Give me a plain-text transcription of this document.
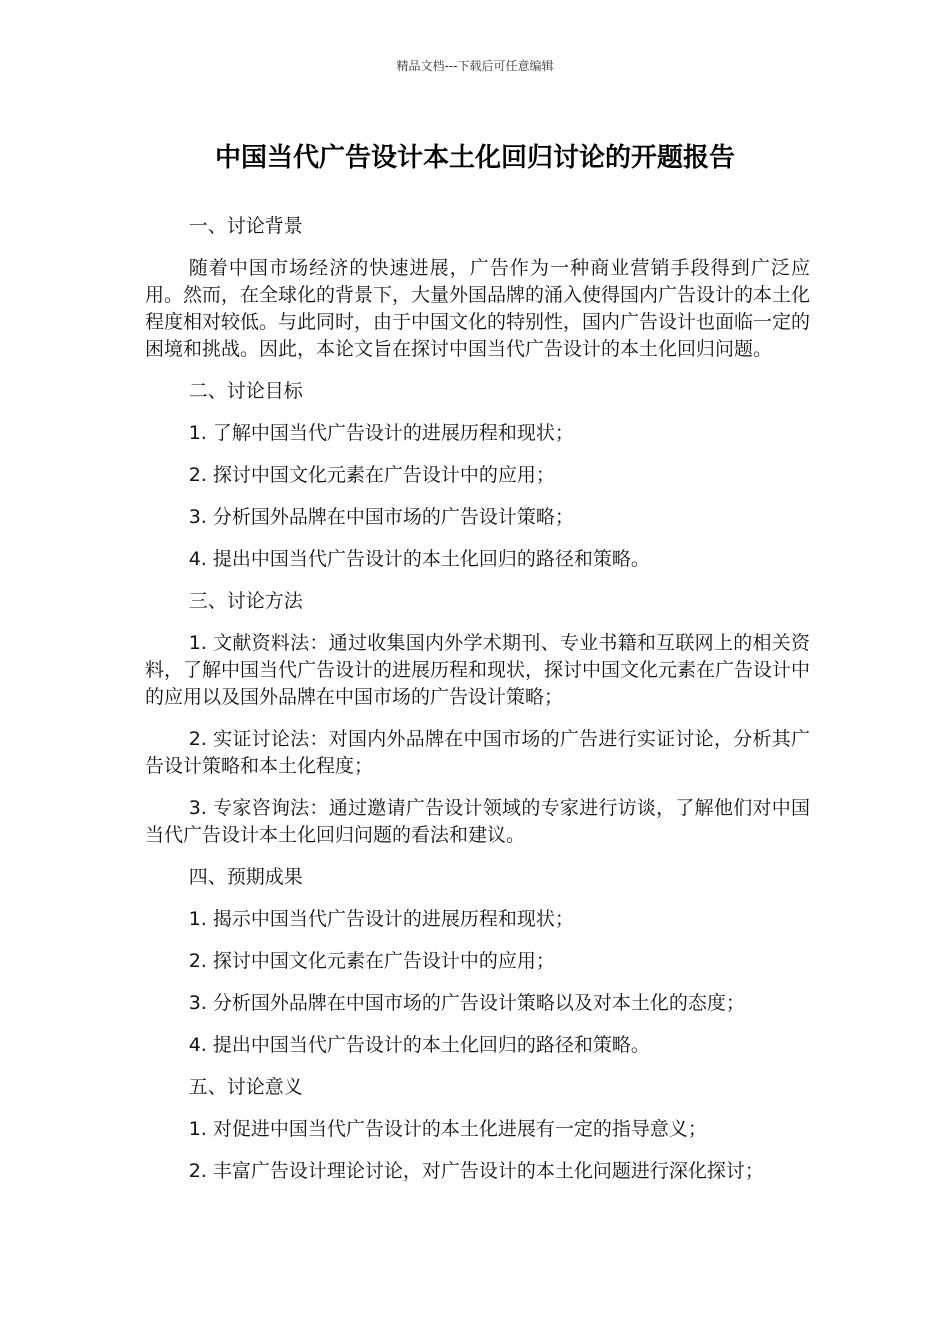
精品文档---下载后可任意编辑
中国当代广告设计本土化回归讨论的开题报告

一、讨论背景

随着中国市场经济的快速进展，广告作为一种商业营销手段得到广泛应用。然而，在全球化的背景下，大量外国品牌的涌入使得国内广告设计的本土化程度相对较低。与此同时，由于中国文化的特别性，国内广告设计也面临一定的困境和挑战。因此，本论文旨在探讨中国当代广告设计的本土化回归问题。

二、讨论目标

1. 了解中国当代广告设计的进展历程和现状；

2. 探讨中国文化元素在广告设计中的应用；

3. 分析国外品牌在中国市场的广告设计策略；

4. 提出中国当代广告设计的本土化回归的路径和策略。

三、讨论方法

1. 文献资料法：通过收集国内外学术期刊、专业书籍和互联网上的相关资料，了解中国当代广告设计的进展历程和现状，探讨中国文化元素在广告设计中的应用以及国外品牌在中国市场的广告设计策略；

2. 实证讨论法：对国内外品牌在中国市场的广告进行实证讨论，分析其广告设计策略和本土化程度；

3. 专家咨询法：通过邀请广告设计领域的专家进行访谈，了解他们对中国当代广告设计本土化回归问题的看法和建议。

四、预期成果

1. 揭示中国当代广告设计的进展历程和现状；

2. 探讨中国文化元素在广告设计中的应用；

3. 分析国外品牌在中国市场的广告设计策略以及对本土化的态度；

4. 提出中国当代广告设计的本土化回归的路径和策略。

五、讨论意义

1. 对促进中国当代广告设计的本土化进展有一定的指导意义；

2. 丰富广告设计理论讨论，对广告设计的本土化问题进行深化探讨；
